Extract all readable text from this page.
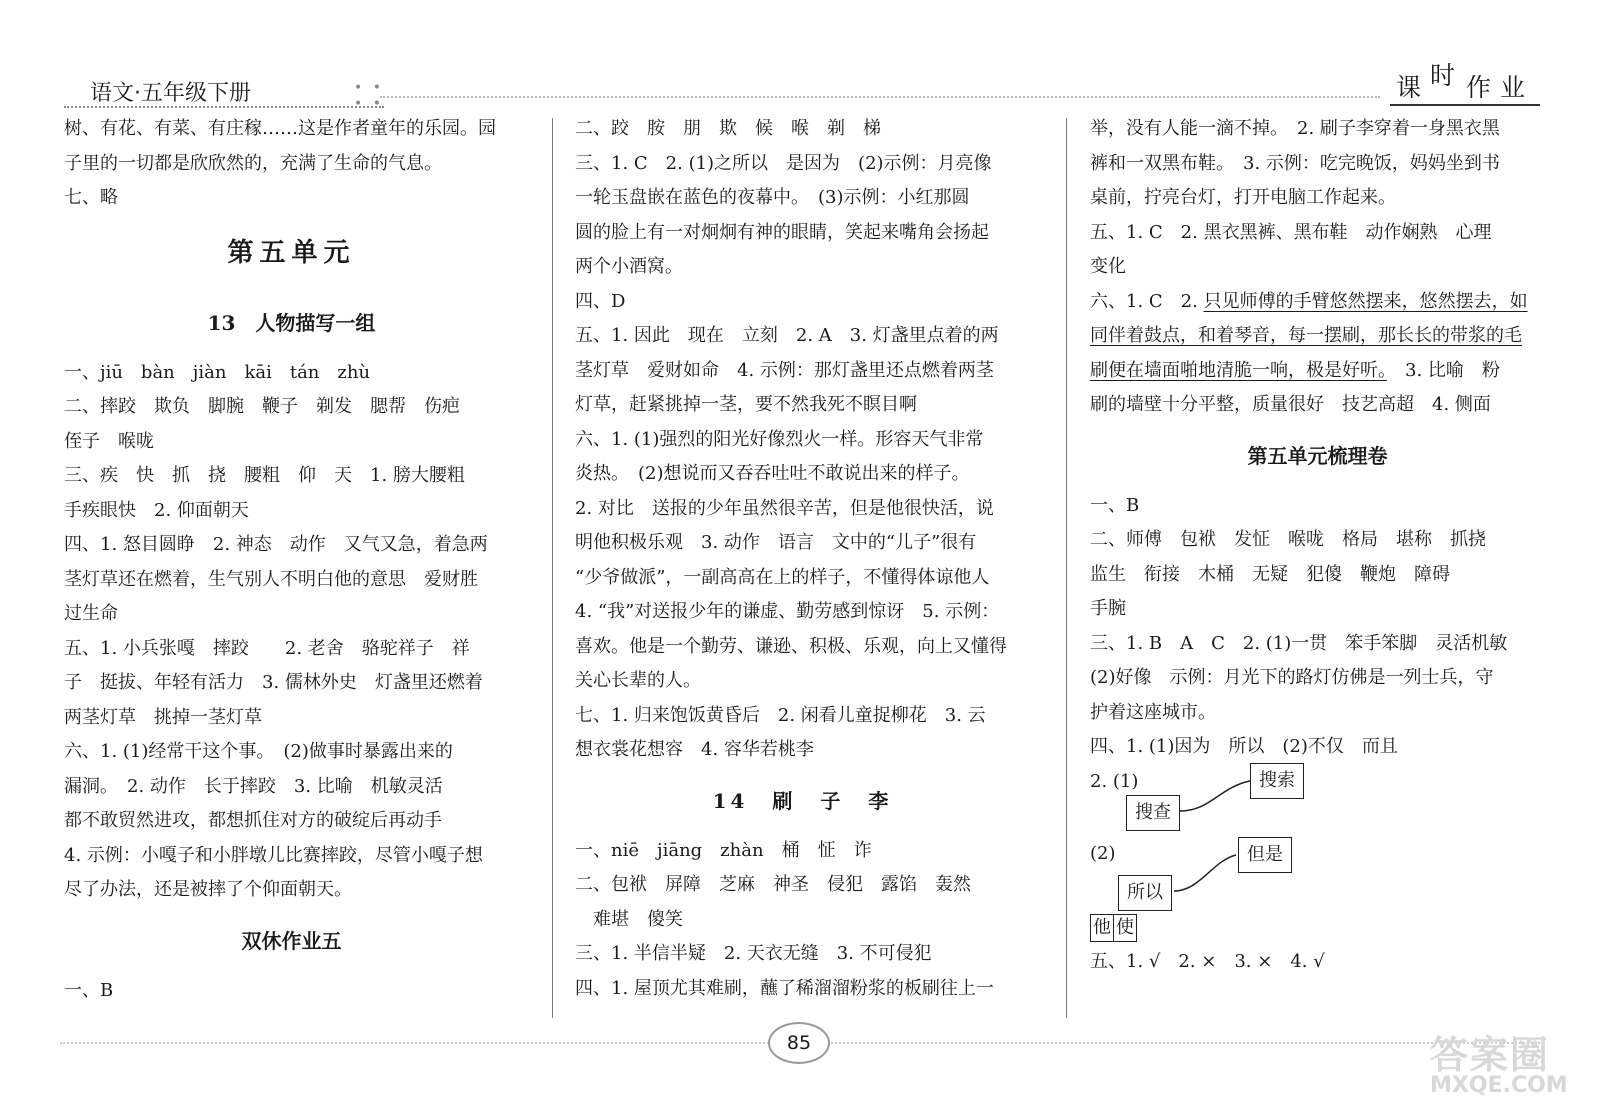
语文·五年级下册	• • • •
课 时 作 业
树、有花、有菜、有庄稼……这是作者童年的乐园。园
子里的一切都是欣欣然的，充满了生命的气息。
七、略
第五单元
13　人物描写一组
一、jiū　bàn　jiàn　kāi　tán　zhù
二、摔跤　欺负　脚腕　鞭子　剃发　腮帮　伤疤
侄子　喉咙
三、疾　快　抓　挠　腰粗　仰　天　1. 膀大腰粗
手疾眼快　2. 仰面朝天
四、1. 怒目圆睁　2. 神态　动作　又气又急，着急两
茎灯草还在燃着，生气别人不明白他的意思　爱财胜
过生命
五、1. 小兵张嘎　摔跤　　2. 老舍　骆驼祥子　祥
子　挺拔、年轻有活力　3. 儒林外史　灯盏里还燃着
两茎灯草　挑掉一茎灯草
六、1. (1)经常干这个事。　(2)做事时暴露出来的
漏洞。　2. 动作　长于摔跤　3. 比喻　机敏灵活
都不敢贸然进攻，都想抓住对方的破绽后再动手
4. 示例：小嘎子和小胖墩儿比赛摔跤，尽管小嘎子想
尽了办法，还是被摔了个仰面朝天。
双休作业五
一、B
二、跤　胺　朋　欺　候　喉　剃　梯
三、1. C　2. (1)之所以　是因为　(2)示例：月亮像
一轮玉盘嵌在蓝色的夜幕中。　(3)示例：小红那圆
圆的脸上有一对炯炯有神的眼睛，笑起来嘴角会扬起
两个小酒窝。
四、D
五、1. 因此　现在　立刻　2. A　3. 灯盏里点着的两
茎灯草　爱财如命　4. 示例：那灯盏里还点燃着两茎
灯草，赶紧挑掉一茎，要不然我死不瞑目啊
六、1. (1)强烈的阳光好像烈火一样。形容天气非常
炎热。　(2)想说而又吞吞吐吐不敢说出来的样子。
2. 对比　送报的少年虽然很辛苦，但是他很快活，说
明他积极乐观　3. 动作　语言　文中的“儿子”很有
“少爷做派”，一副高高在上的样子，不懂得体谅他人
4. “我”对送报少年的谦虚、勤劳感到惊讶　5. 示例：
喜欢。他是一个勤劳、谦逊、积极、乐观，向上又懂得
关心长辈的人。
七、1. 归来饱饭黄昏后　2. 闲看儿童捉柳花　3. 云
想衣裳花想容　4. 容华若桃李
14　刷　子　李
一、niē　jiāng　zhàn　桶　怔　诈
二、包袱　屏障　芝麻　神圣　侵犯　露馅　轰然
　难堪　傻笑
三、1. 半信半疑　2. 天衣无缝　3. 不可侵犯
四、1. 屋顶尤其难刷，蘸了稀溜溜粉浆的板刷往上一
举，没有人能一滴不掉。　2. 刷子李穿着一身黑衣黑
裤和一双黑布鞋。　3. 示例：吃完晚饭，妈妈坐到书
桌前，拧亮台灯，打开电脑工作起来。
五、1. C　2. 黑衣黑裤、黑布鞋　动作娴熟　心理
变化
六、1. C　2. 只见师傅的手臂悠然摆来，悠然摆去，如
同伴着鼓点，和着琴音，每一摆刷，那长长的带浆的毛
刷便在墙面啪地清脆一响，极是好听。　3. 比喻　粉
刷的墙壁十分平整，质量很好　技艺高超　4. 侧面
第五单元梳理卷
一、B
二、师傅　包袱　发怔　喉咙　格局　堪称　抓挠
监生　衔接　木桶　无疑　犯傻　鞭炮　障碍
手腕
三、1. B　A　C　2. (1)一贯　笨手笨脚　灵活机敏
(2)好像　示例：月光下的路灯仿佛是一列士兵，守
护着这座城市。
四、1. (1)因为　所以　(2)不仅　而且
2. (1)
搜查
搜索
(2)
所以
但是
他 使
五、1. √　2. ×　3. ×　4. √
85	答案圈
MXQE.COM
